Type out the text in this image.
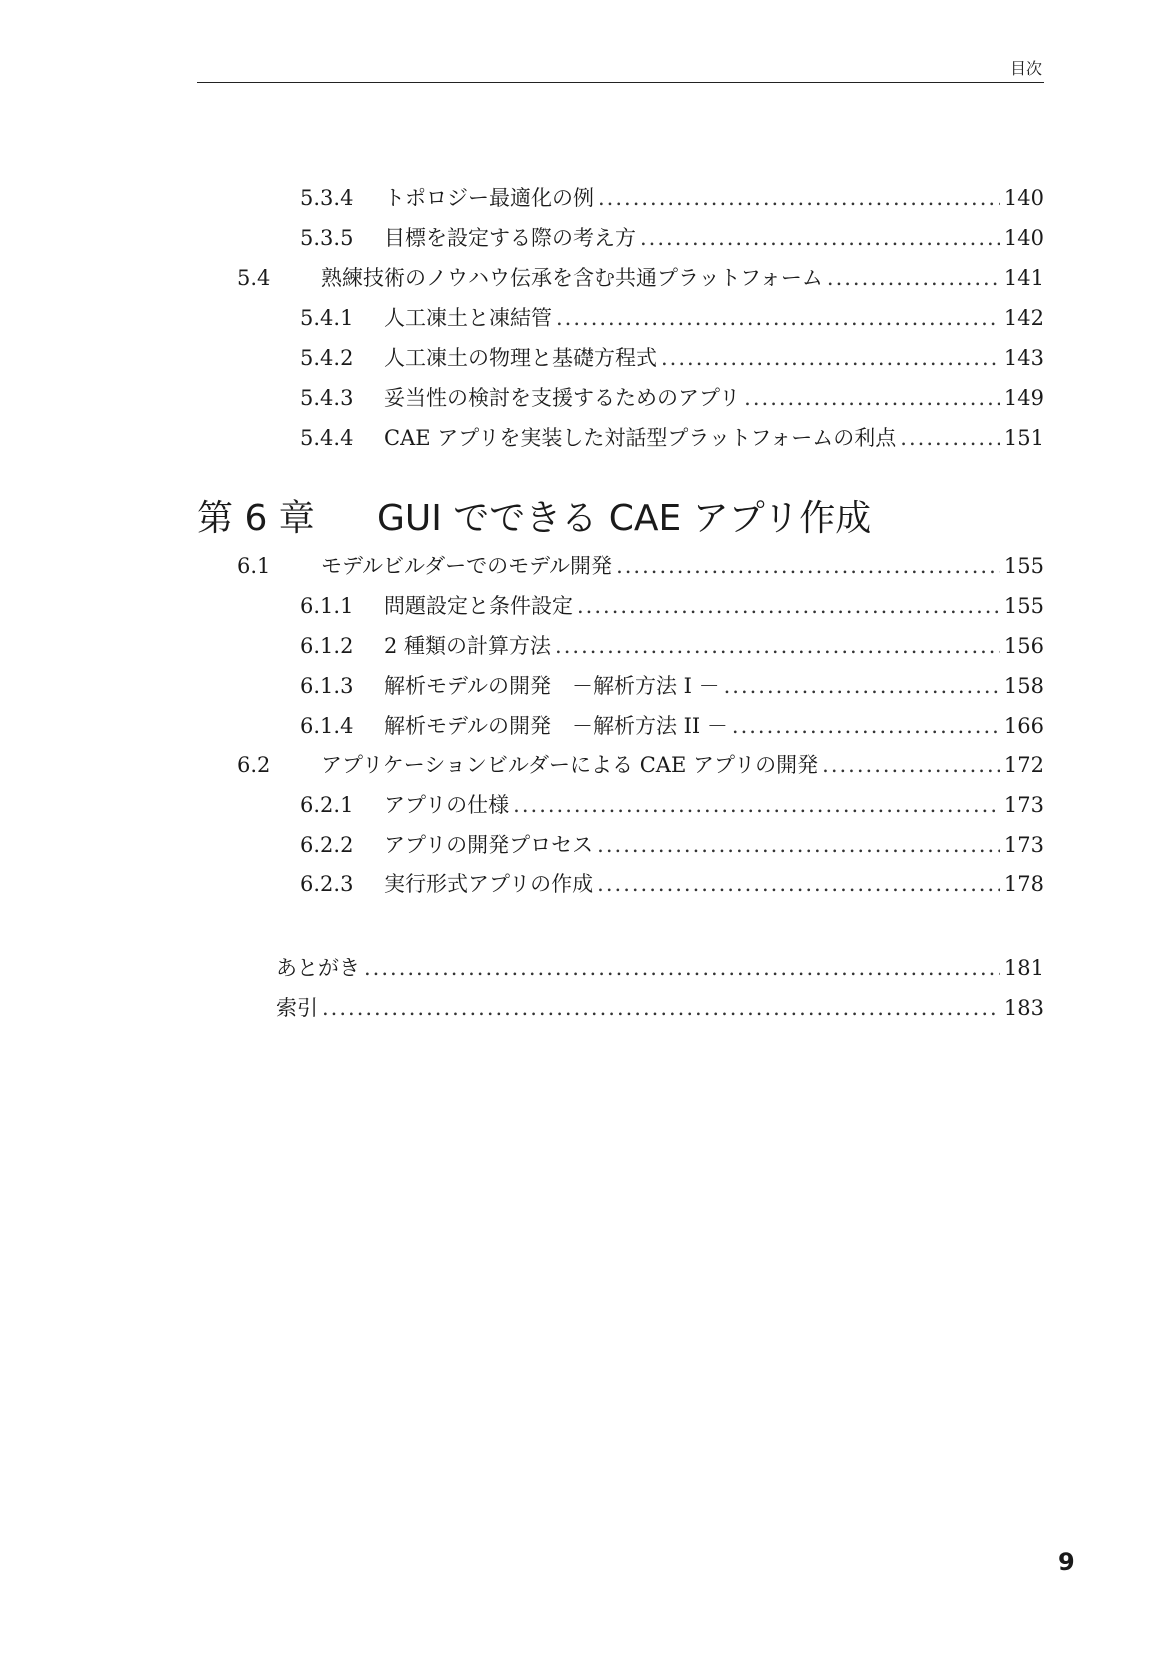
目次
5.3.4	トポロジー最適化の例 .....	140
5.3.5	目標を設定する際の考え方 .....	140
5.4	熟練技術のノウハウ伝承を含む共通プラットフォーム .....	141
5.4.1	人工凍土と凍結管 .....	142
5.4.2	人工凍土の物理と基礎方程式 .....	143
5.4.3	妥当性の検討を支援するためのアプリ .....	149
5.4.4	CAE アプリを実装した対話型プラットフォームの利点 .....	151
第 6 章 GUI でできる CAE アプリ作成
6.1	モデルビルダーでのモデル開発 .....	155
6.1.1	問題設定と条件設定 .....	155
6.1.2	2 種類の計算方法 .....	156
6.1.3	解析モデルの開発　－解析方法 I － .....	158
6.1.4	解析モデルの開発　－解析方法 II － .....	166
6.2	アプリケーションビルダーによる CAE アプリの開発 .....	172
6.2.1	アプリの仕様 .....	173
6.2.2	アプリの開発プロセス .....	173
6.2.3	実行形式アプリの作成 .....	178
あとがき .....	181
索引 .....	183
9
